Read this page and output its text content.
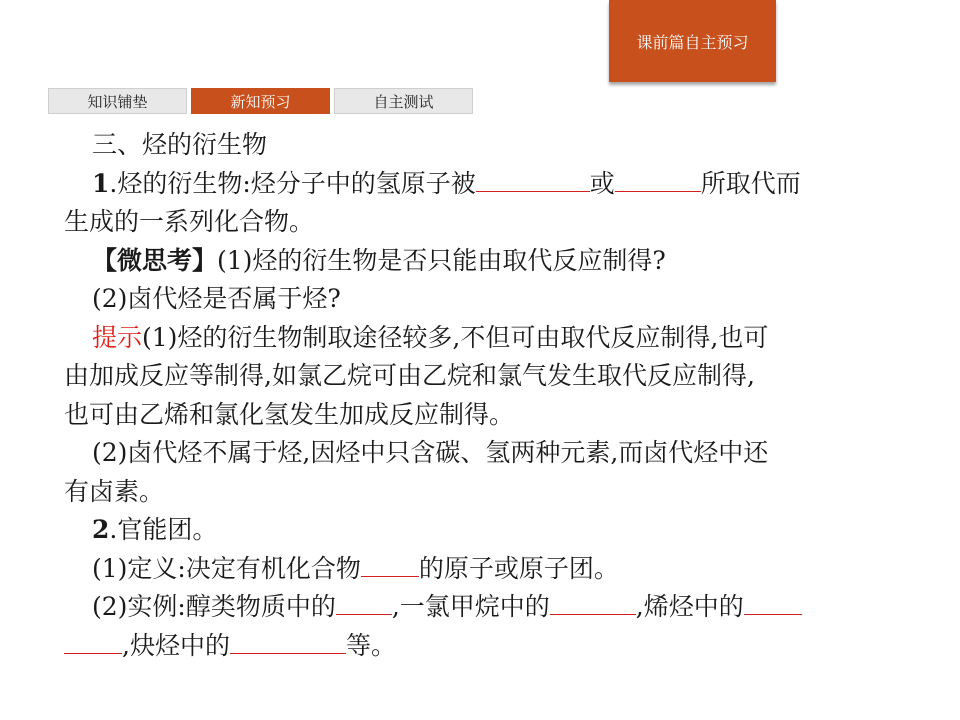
课前篇自主预习
知识铺垫	新知预习	自主测试
三、烃的衍生物
1.烃的衍生物:烃分子中的氢原子被	或	所取代而
生成的一系列化合物。
【微思考】(1)烃的衍生物是否只能由取代反应制得?
(2)卤代烃是否属于烃?
提示(1)烃的衍生物制取途径较多,不但可由取代反应制得,也可
由加成反应等制得,如氯乙烷可由乙烷和氯气发生取代反应制得,
也可由乙烯和氯化氢发生加成反应制得。
(2)卤代烃不属于烃,因烃中只含碳、氢两种元素,而卤代烃中还
有卤素。
2.官能团。
(1)定义:决定有机化合物 的原子或原子团。
(2)实例:醇类物质中的 ,一氯甲烷中的	,烯烃中的
,炔烃中的	等。
